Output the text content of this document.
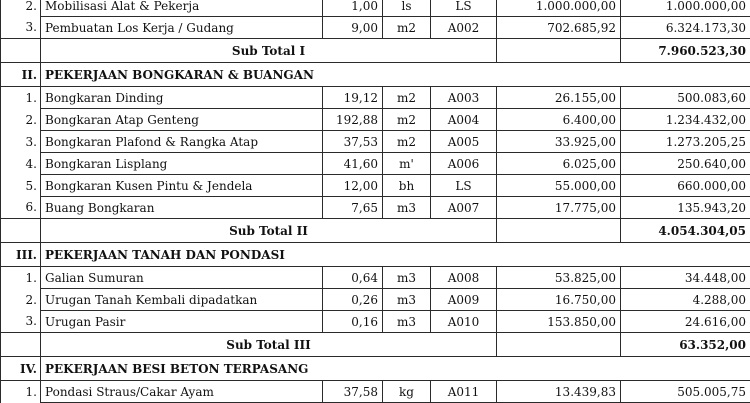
2.	Mobilisasi Alat & Pekerja	1,00	ls	LS	1.000.000,00	1.000.000,00
3.	Pembuatan Los Kerja / Gudang	9,00	m2	A002	702.685,92	6.324.173,30
	Sub Total I					7.960.523,30
II.	PEKERJAAN BONGKARAN & BUANGAN					
1.	Bongkaran Dinding	19,12	m2	A003	26.155,00	500.083,60
2.	Bongkaran Atap Genteng	192,88	m2	A004	6.400,00	1.234.432,00
3.	Bongkaran Plafond & Rangka Atap	37,53	m2	A005	33.925,00	1.273.205,25
4.	Bongkaran Lisplang	41,60	m'	A006	6.025,00	250.640,00
5.	Bongkaran Kusen Pintu & Jendela	12,00	bh	LS	55.000,00	660.000,00
6.	Buang Bongkaran	7,65	m3	A007	17.775,00	135.943,20
	Sub Total II					4.054.304,05
III.	PEKERJAAN TANAH DAN PONDASI					
1.	Galian Sumuran	0,64	m3	A008	53.825,00	34.448,00
2.	Urugan Tanah Kembali dipadatkan	0,26	m3	A009	16.750,00	4.288,00
3.	Urugan Pasir	0,16	m3	A010	153.850,00	24.616,00
	Sub Total III					63.352,00
IV.	PEKERJAAN BESI BETON TERPASANG					
1.	Pondasi Straus/Cakar Ayam	37,58	kg	A011	13.439,83	505.005,75
